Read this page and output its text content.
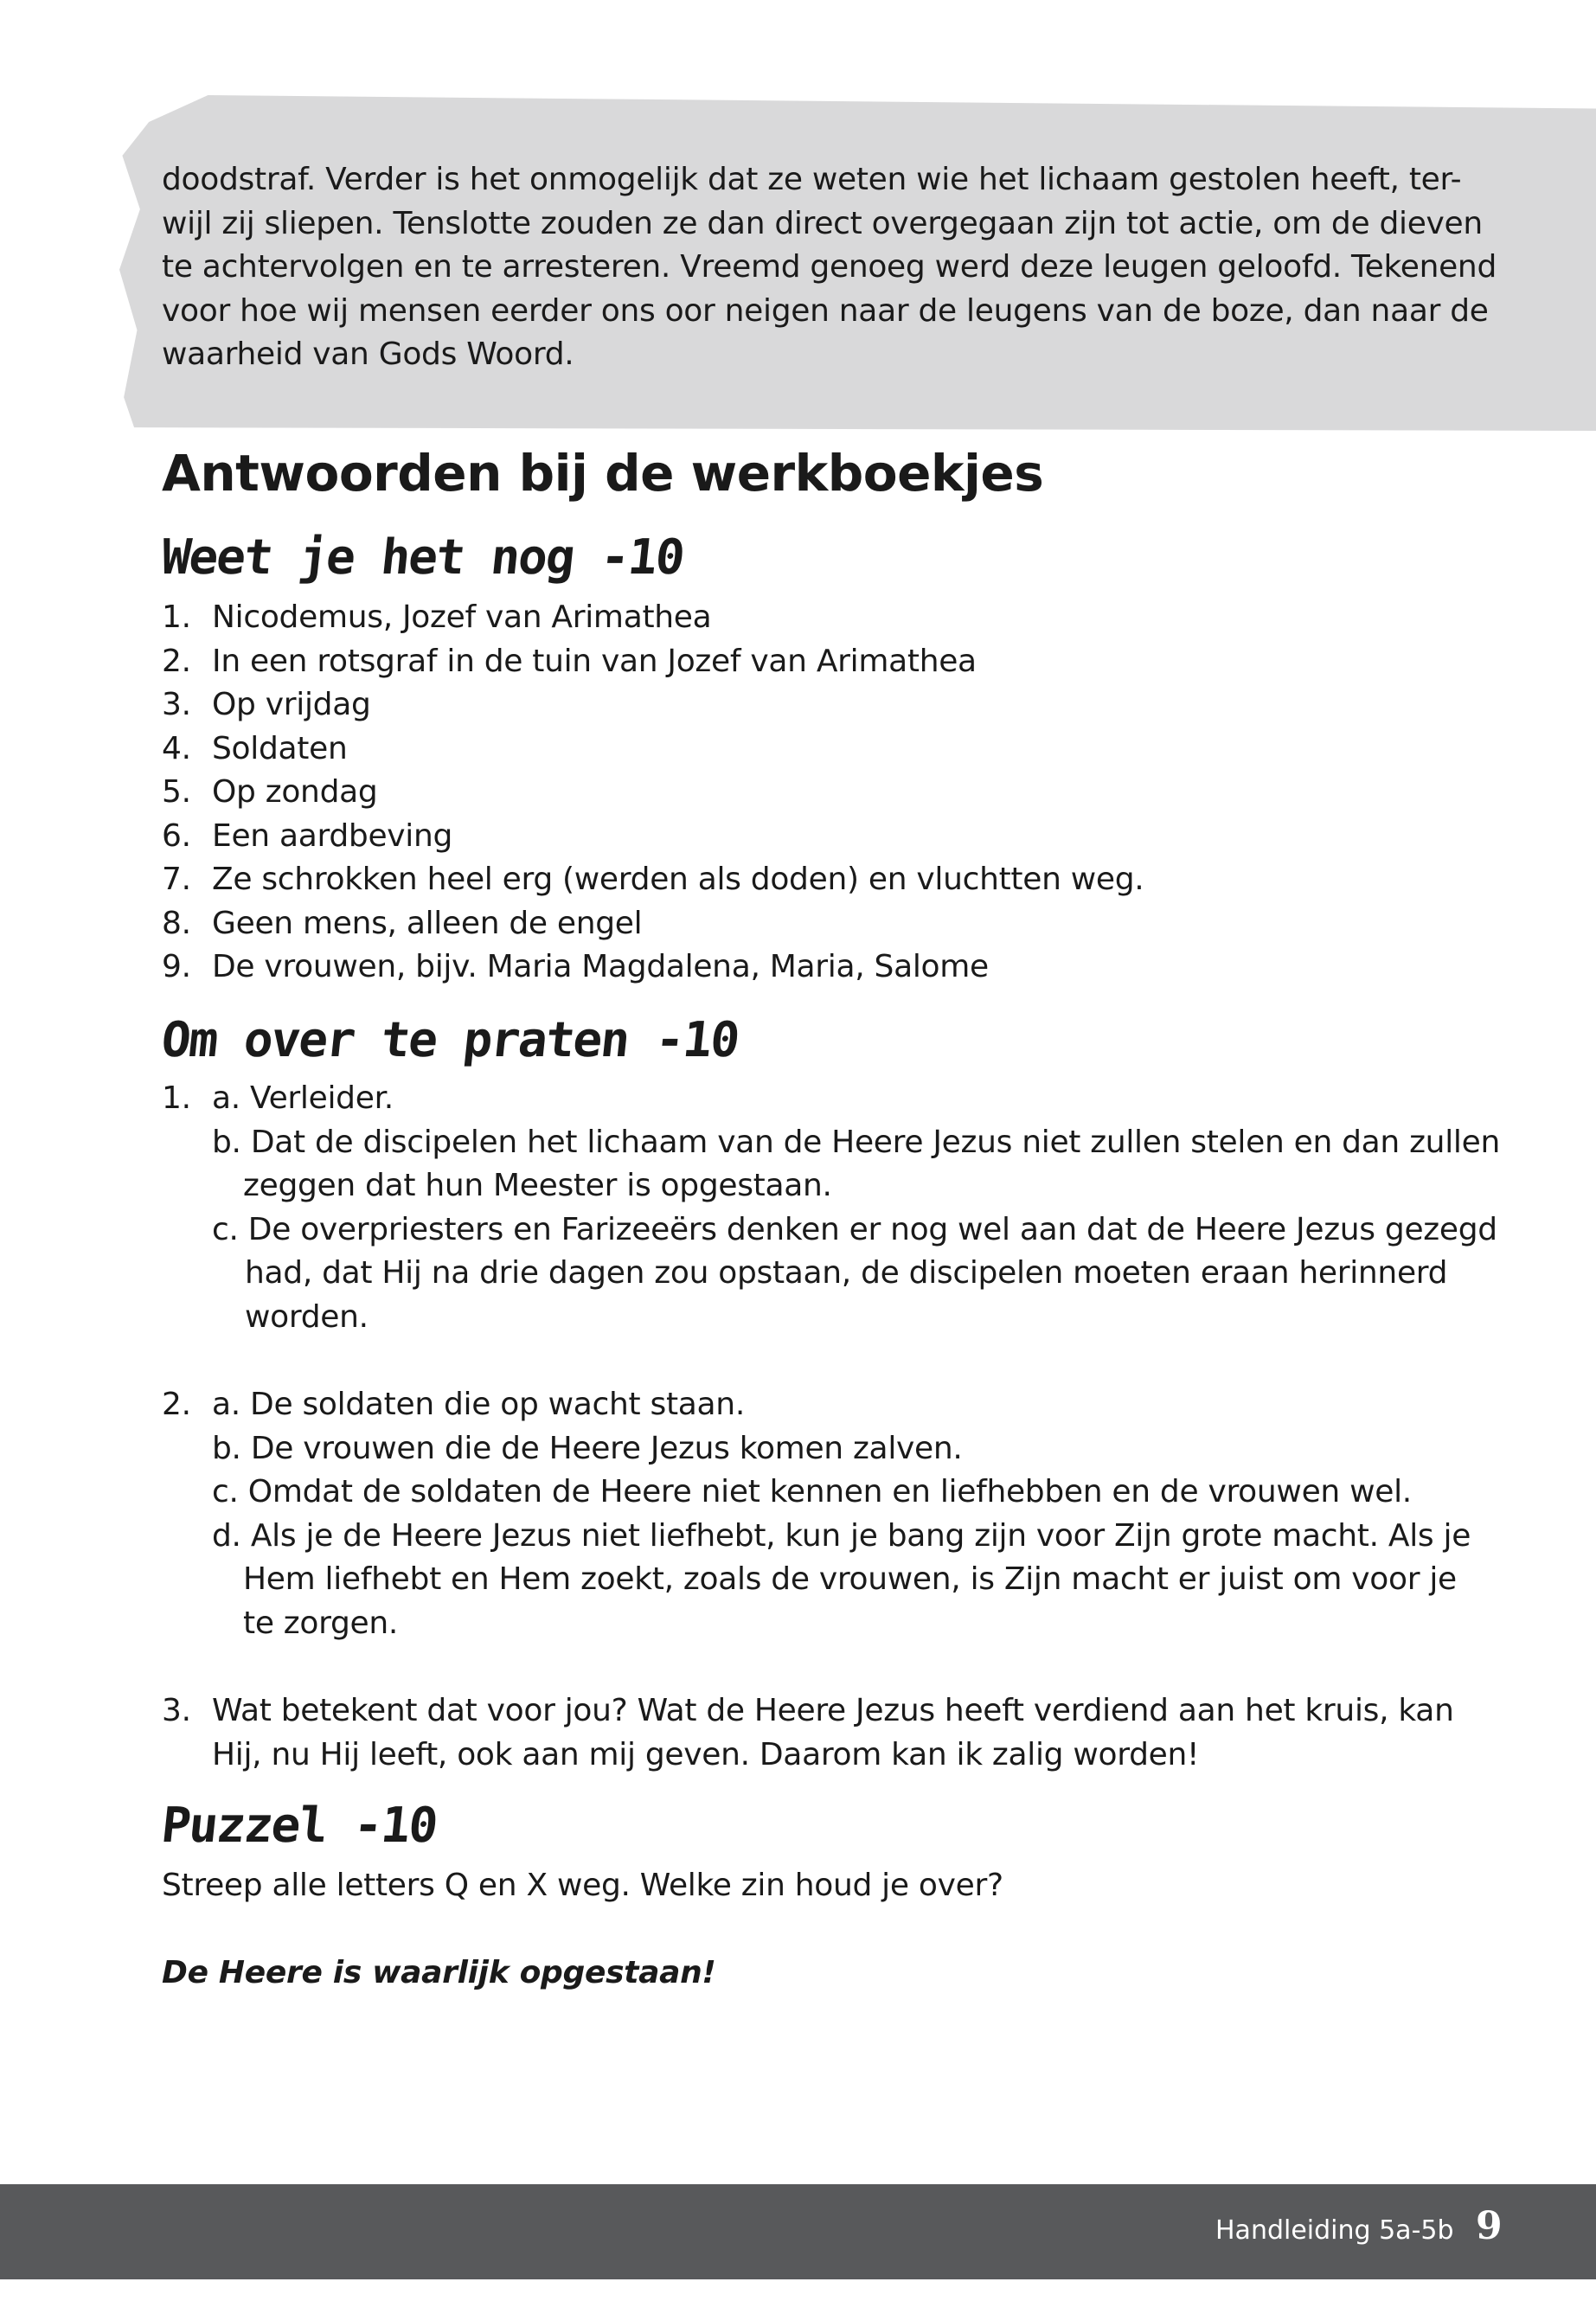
doodstraf. Verder is het onmogelijk dat ze weten wie het lichaam gestolen heeft, ter-
wijl zij sliepen. Tenslotte zouden ze dan direct overgegaan zijn tot actie, om de dieven
te achtervolgen en te arresteren. Vreemd genoeg werd deze leugen geloofd. Tekenend
voor hoe wij mensen eerder ons oor neigen naar de leugens van de boze, dan naar de
waarheid van Gods Woord.
Antwoorden bij de werkboekjes
Weet je het nog -10
1. Nicodemus, Jozef van Arimathea
2. In een rotsgraf in de tuin van Jozef van Arimathea
3. Op vrijdag
4. Soldaten
5. Op zondag
6. Een aardbeving
7. Ze schrokken heel erg (werden als doden) en vluchtten weg.
8. Geen mens, alleen de engel
9. De vrouwen, bijv. Maria Magdalena, Maria, Salome
Om over te praten -10
1. a. Verleider.
b. Dat de discipelen het lichaam van de Heere Jezus niet zullen stelen en dan zullen
zeggen dat hun Meester is opgestaan.
c. De overpriesters en Farizeeërs denken er nog wel aan dat de Heere Jezus gezegd
had, dat Hij na drie dagen zou opstaan, de discipelen moeten eraan herinnerd
worden.
2. a. De soldaten die op wacht staan.
b. De vrouwen die de Heere Jezus komen zalven.
c. Omdat de soldaten de Heere niet kennen en liefhebben en de vrouwen wel.
d. Als je de Heere Jezus niet liefhebt, kun je bang zijn voor Zijn grote macht. Als je
Hem liefhebt en Hem zoekt, zoals de vrouwen, is Zijn macht er juist om voor je
te zorgen.
3. Wat betekent dat voor jou? Wat de Heere Jezus heeft verdiend aan het kruis, kan
Hij, nu Hij leeft, ook aan mij geven. Daarom kan ik zalig worden!
Puzzel -10
Streep alle letters Q en X weg. Welke zin houd je over?
De Heere is waarlijk opgestaan!
Handleiding 5a-5b 9
